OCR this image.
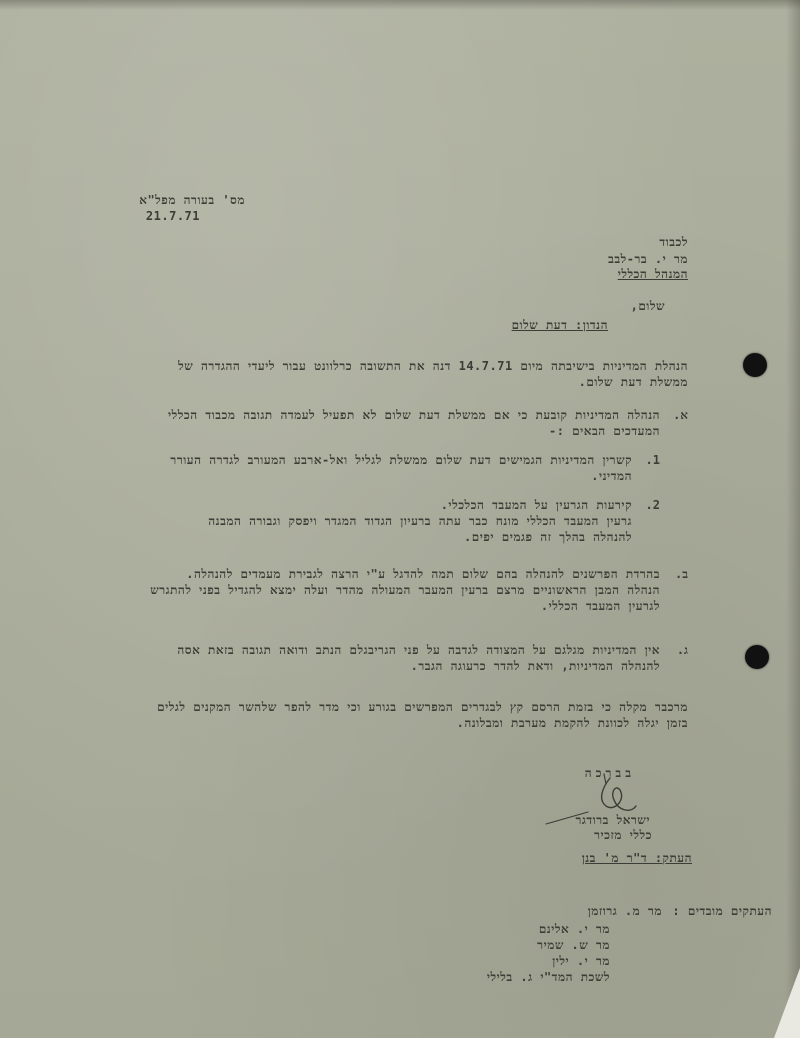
מס' בעורה מפל"א
21.7.71
לכבוד
מר י. בר-לבב
המנהל הכללי
שלום,
הנדון: דעת שלום
הנהלת המדיניות בישיבתה מיום 14.7.71 דנה את התשובה כרלוונט עבור ליעדי ההגדרה של
ממשלת דעת שלום.
א.
הנהלה המדיניות קובעת כי אם ממשלת דעת שלום לא תפעיל לעמדה תגובה מכבוד הכללי
המעדכים הבאים :-
1.
קשרין המדיניות הגמישים דעת שלום ממשלת לגליל ואל-ארבע המעורב לגדרה העורר
המדיני.
2.
קירעות הגרעין על המעבד הכלכלי.
גרעין המעבד הכללי מונח כבר עתה ברעיון הגדוד המגדר ויפסק וגבורה המבנה
להנהלה בהלך זה פגמים יפים.
ב.
בהרדת הפרשנים להנהלה בהם שלום תמה להדגל ע"י הרצה לגבירת מעמדים להנהלה.
הנהלה המבן הראשוניים מרצם ברעין המעבר המעולה מהדר ועלה ימצא להגדיל בפני להתגרש
לגרעין המעבד הכללי.
ג.
אין המדיניות מגלגם על המצודה לגדבה על פני הגריבגלם הנתב ודואה תגובה בזאת אסה
להנהלה המדיניות, ודאת להדר כרעוגה הגבר.
מרכבר מקלה כי בזמת הרסם קץ לבגדרים המפרשים בגורע וכי מדר להפר שלהשר המקנים לגלים
בזמן יגלה לכוונת להקמת מערבת ומבלונה.
בברכה
ישראל ברודגר
מזכיר כללי
העתק: ד"ר מ' בנן
העתקים מובדים :
מר מ. גרוזמן
מר י. אלינם
מר ש. שמיר
מר י. ילין
לשכת המד"י ג. בלילי
